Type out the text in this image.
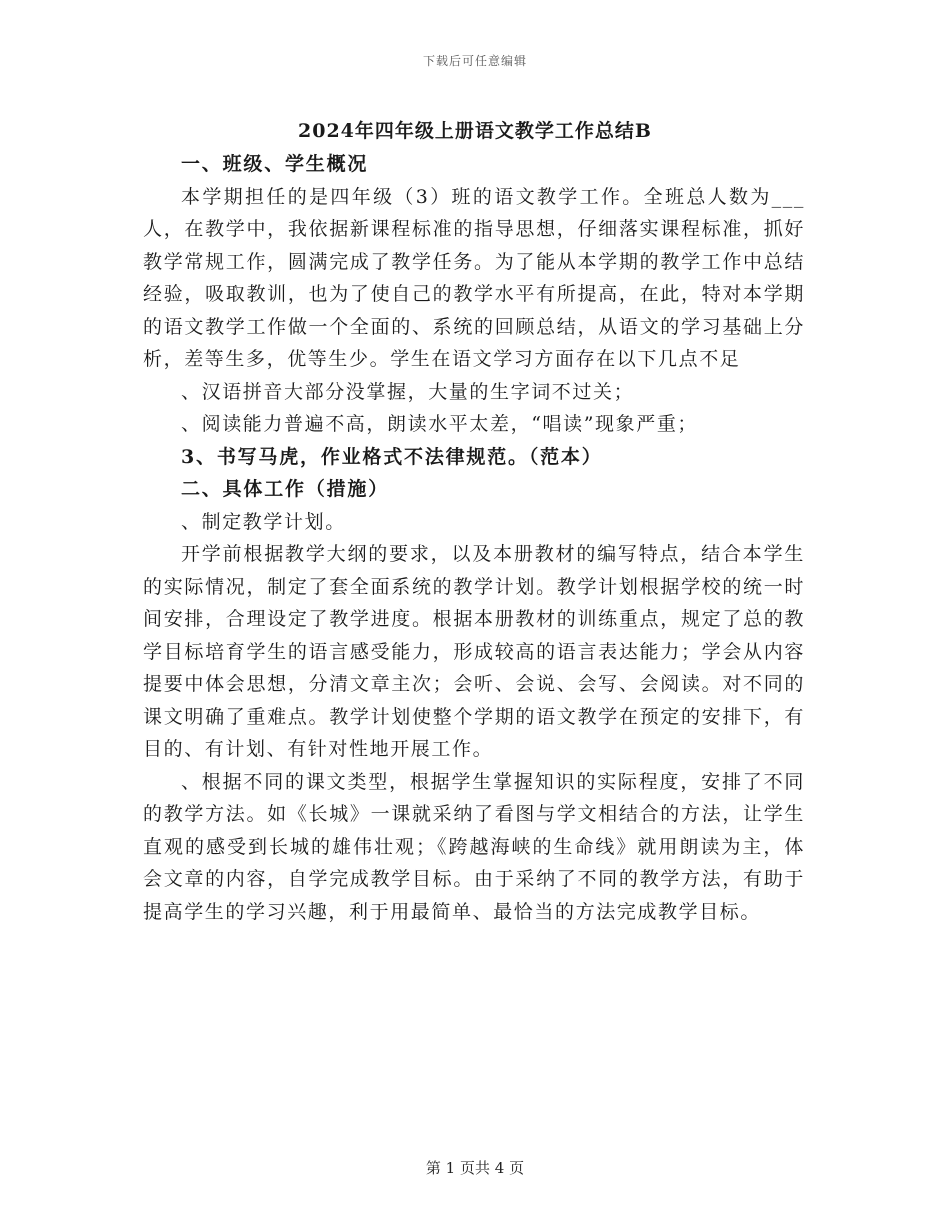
下载后可任意编辑
2024年四年级上册语文教学工作总结B

一、班级、学生概况

本学期担任的是四年级（3）班的语文教学工作。全班总人数为___人，在教学中，我依据新课程标准的指导思想，仔细落实课程标准，抓好教学常规工作，圆满完成了教学任务。为了能从本学期的教学工作中总结经验，吸取教训，也为了使自己的教学水平有所提高，在此，特对本学期的语文教学工作做一个全面的、系统的回顾总结，从语文的学习基础上分析，差等生多，优等生少。学生在语文学习方面存在以下几点不足

、汉语拼音大部分没掌握，大量的生字词不过关；

、阅读能力普遍不高，朗读水平太差，“唱读”现象严重；

3、书写马虎，作业格式不法律规范。（范本）

二、具体工作（措施）

、制定教学计划。

开学前根据教学大纲的要求，以及本册教材的编写特点，结合本学生的实际情况，制定了套全面系统的教学计划。教学计划根据学校的统一时间安排，合理设定了教学进度。根据本册教材的训练重点，规定了总的教学目标培育学生的语言感受能力，形成较高的语言表达能力；学会从内容提要中体会思想，分清文章主次；会听、会说、会写、会阅读。对不同的课文明确了重难点。教学计划使整个学期的语文教学在预定的安排下，有目的、有计划、有针对性地开展工作。

、根据不同的课文类型，根据学生掌握知识的实际程度，安排了不同的教学方法。如《长城》一课就采纳了看图与学文相结合的方法，让学生直观的感受到长城的雄伟壮观；《跨越海峡的生命线》就用朗读为主，体会文章的内容，自学完成教学目标。由于采纳了不同的教学方法，有助于提高学生的学习兴趣，利于用最简单、最恰当的方法完成教学目标。

第 1 页共 4 页
